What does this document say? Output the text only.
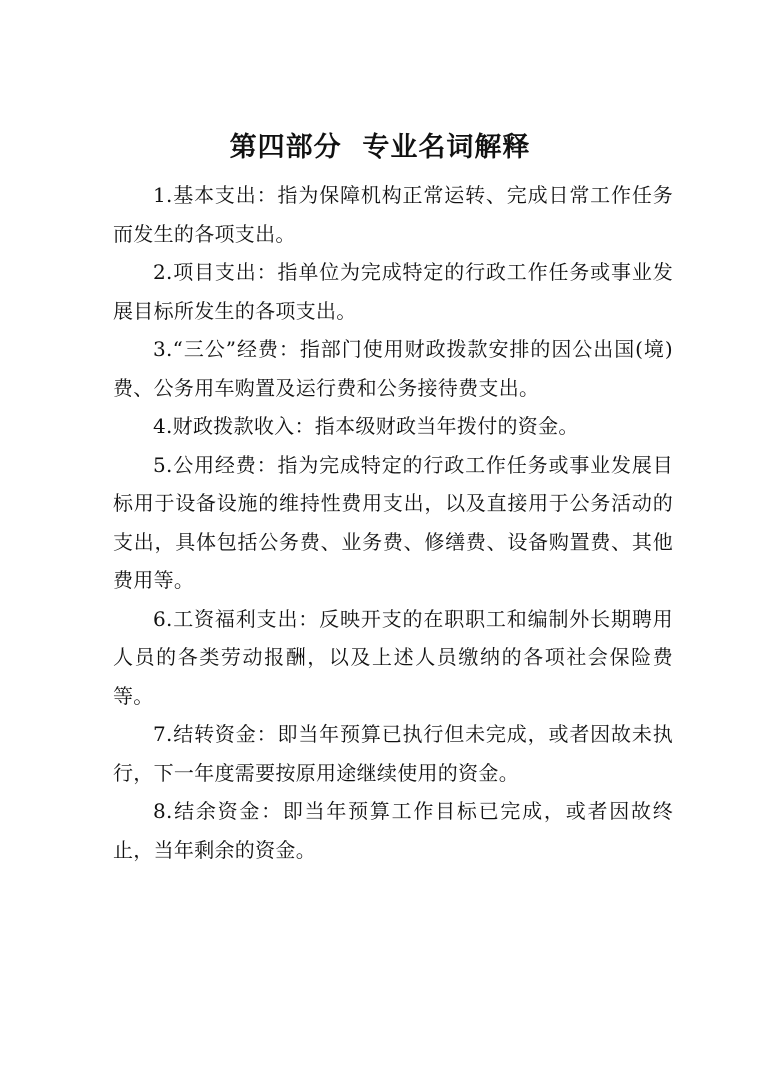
第四部分  专业名词解释

1.基本支出：指为保障机构正常运转、完成日常工作任务而发生的各项支出。

2.项目支出：指单位为完成特定的行政工作任务或事业发展目标所发生的各项支出。

3.“三公”经费：指部门使用财政拨款安排的因公出国(境)费、公务用车购置及运行费和公务接待费支出。

4.财政拨款收入：指本级财政当年拨付的资金。

5.公用经费：指为完成特定的行政工作任务或事业发展目标用于设备设施的维持性费用支出，以及直接用于公务活动的支出，具体包括公务费、业务费、修缮费、设备购置费、其他费用等。

6.工资福利支出：反映开支的在职职工和编制外长期聘用人员的各类劳动报酬，以及上述人员缴纳的各项社会保险费等。

7.结转资金：即当年预算已执行但未完成，或者因故未执行，下一年度需要按原用途继续使用的资金。

8.结余资金：即当年预算工作目标已完成，或者因故终止，当年剩余的资金。
